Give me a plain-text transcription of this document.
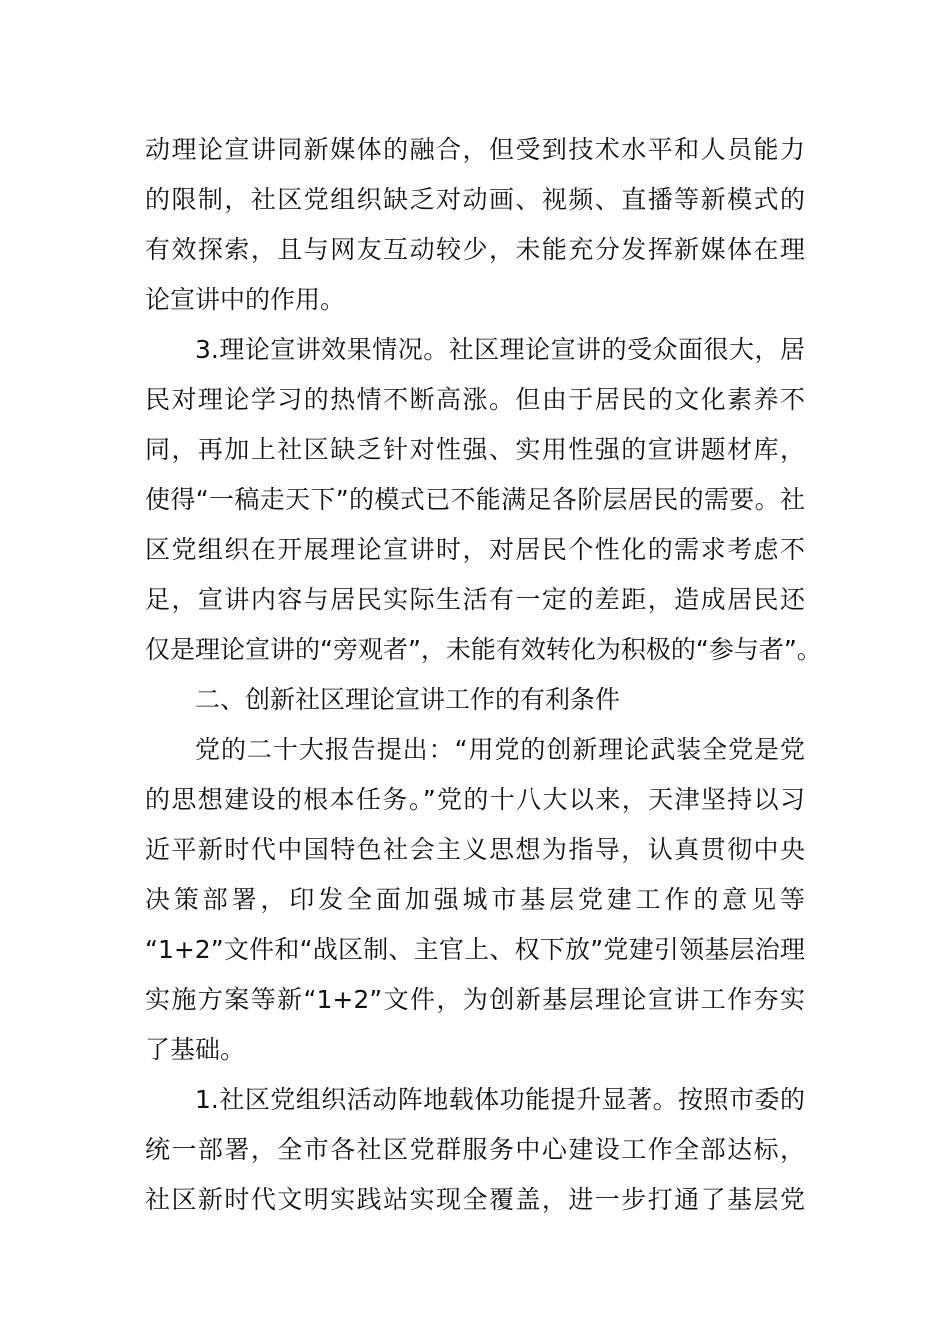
动理论宣讲同新媒体的融合，但受到技术水平和人员能力
的限制，社区党组织缺乏对动画、视频、直播等新模式的
有效探索，且与网友互动较少，未能充分发挥新媒体在理
论宣讲中的作用。
3.理论宣讲效果情况。社区理论宣讲的受众面很大，居
民对理论学习的热情不断高涨。但由于居民的文化素养不
同，再加上社区缺乏针对性强、实用性强的宣讲题材库，
使得“一稿走天下”的模式已不能满足各阶层居民的需要。社
区党组织在开展理论宣讲时，对居民个性化的需求考虑不
足，宣讲内容与居民实际生活有一定的差距，造成居民还
仅是理论宣讲的“旁观者”，未能有效转化为积极的“参与者”。
二、创新社区理论宣讲工作的有利条件
党的二十大报告提出：“用党的创新理论武装全党是党
的思想建设的根本任务。”党的十八大以来，天津坚持以习
近平新时代中国特色社会主义思想为指导，认真贯彻中央
决策部署，印发全面加强城市基层党建工作的意见等
“1+2”文件和“战区制、主官上、权下放”党建引领基层治理
实施方案等新“1+2”文件，为创新基层理论宣讲工作夯实
了基础。
1.社区党组织活动阵地载体功能提升显著。按照市委的
统一部署，全市各社区党群服务中心建设工作全部达标，
社区新时代文明实践站实现全覆盖，进一步打通了基层党
